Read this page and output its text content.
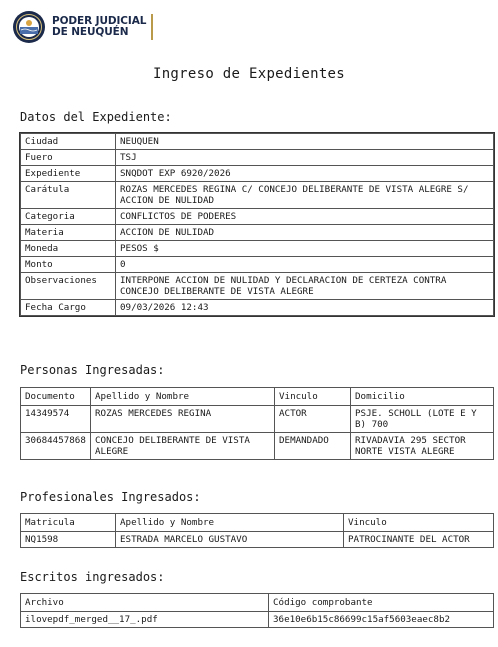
PODER JUDICIAL
DE NEUQUÉN
Ingreso de Expedientes
Datos del Expediente:
Ciudad	NEUQUEN
Fuero	TSJ
Expediente	SNQDOT EXP 6920/2026
Carátula	ROZAS MERCEDES REGINA C/ CONCEJO DELIBERANTE DE VISTA ALEGRE S/ ACCION DE NULIDAD
Categoria	CONFLICTOS DE PODERES
Materia	ACCION DE NULIDAD
Moneda	PESOS $
Monto	0
Observaciones	INTERPONE ACCION DE NULIDAD Y DECLARACION DE CERTEZA CONTRA CONCEJO DELIBERANTE DE VISTA ALEGRE
Fecha Cargo	09/03/2026 12:43
Personas Ingresadas:
Documento	Apellido y Nombre	Vinculo	Domicilio
14349574	ROZAS MERCEDES REGINA	ACTOR	PSJE. SCHOLL (LOTE E Y B) 700
30684457868	CONCEJO DELIBERANTE DE VISTA ALEGRE	DEMANDADO	RIVADAVIA 295 SECTOR NORTE VISTA ALEGRE
Profesionales Ingresados:
Matricula	Apellido y Nombre	Vinculo
NQ1598	ESTRADA MARCELO GUSTAVO	PATROCINANTE DEL ACTOR
Escritos ingresados:
Archivo	Código comprobante
ilovepdf_merged__17_.pdf	36e10e6b15c86699c15af5603eaec8b2
